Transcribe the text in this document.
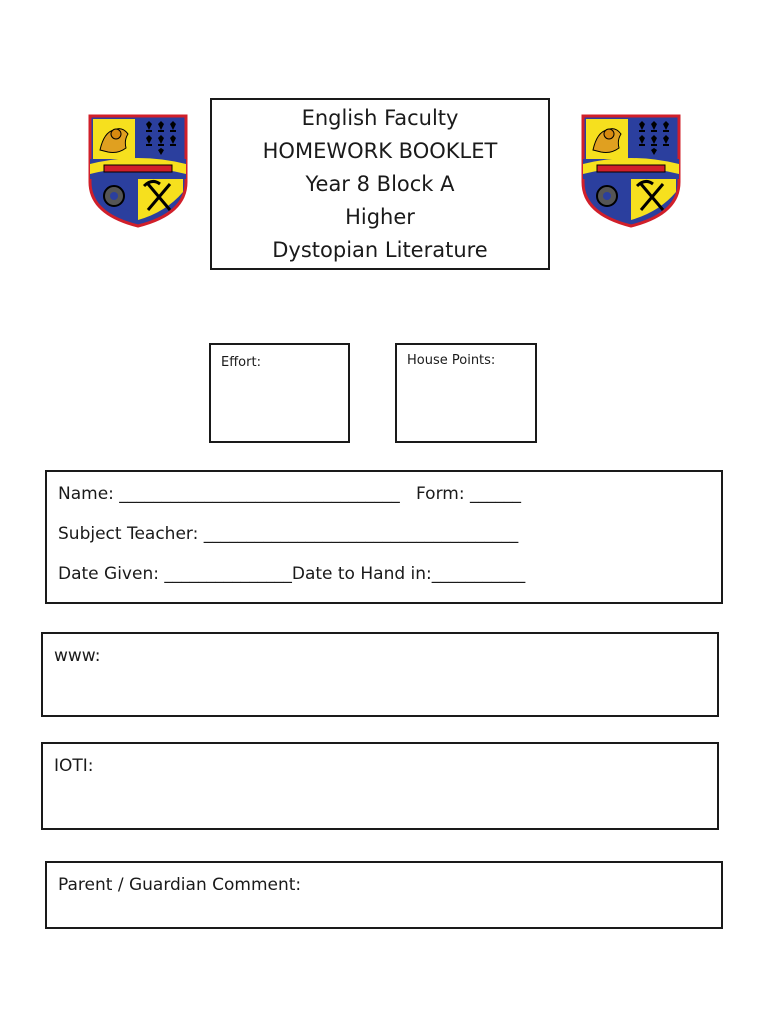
English Faculty
HOMEWORK BOOKLET
Year 8 Block A
Higher
Dystopian Literature
Effort:	House Points:
Name: _________________________________   Form: ______
Subject Teacher: _____________________________________
Date Given: _______________Date to Hand in:___________
www:
IOTI:
Parent / Guardian Comment:
